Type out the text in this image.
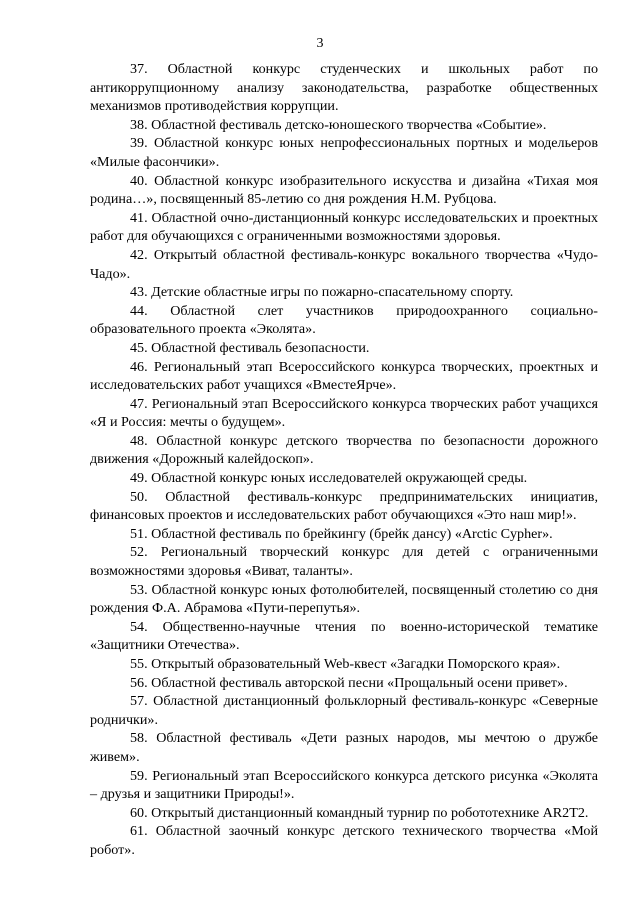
3

37. Областной конкурс студенческих и школьных работ по антикоррупционному анализу законодательства, разработке общественных механизмов противодействия коррупции.

38. Областной фестиваль детско-юношеского творчества «Событие».

39. Областной конкурс юных непрофессиональных портных и модельеров «Милые фасончики».

40. Областной конкурс изобразительного искусства и дизайна «Тихая моя родина…», посвященный 85-летию со дня рождения Н.М. Рубцова.

41. Областной очно-дистанционный конкурс исследовательских и проектных работ для обучающихся с ограниченными возможностями здоровья.

42. Открытый областной фестиваль-конкурс вокального творчества «Чудо-Чадо».

43. Детские областные игры по пожарно-спасательному спорту.

44. Областной слет участников природоохранного социально-образовательного проекта «Эколята».

45. Областной фестиваль безопасности.

46. Региональный этап Всероссийского конкурса творческих, проектных и исследовательских работ учащихся «ВместеЯрче».

47. Региональный этап Всероссийского конкурса творческих работ учащихся «Я и Россия: мечты о будущем».

48. Областной конкурс детского творчества по безопасности дорожного движения «Дорожный калейдоскоп».

49. Областной конкурс юных исследователей окружающей среды.

50. Областной фестиваль-конкурс предпринимательских инициатив, финансовых проектов и исследовательских работ обучающихся «Это наш мир!».

51. Областной фестиваль по брейкингу (брейк дансу) «Arctic Cypher».

52. Региональный творческий конкурс для детей с ограниченными возможностями здоровья «Виват, таланты».

53. Областной конкурс юных фотолюбителей, посвященный столетию со дня рождения Ф.А. Абрамова «Пути-перепутья».

54. Общественно-научные чтения по военно-исторической тематике «Защитники Отечества».

55. Открытый образовательный Web-квест «Загадки Поморского края».

56. Областной фестиваль авторской песни «Прощальный осени привет».

57. Областной дистанционный фольклорный фестиваль-конкурс «Северные роднички».

58. Областной фестиваль «Дети разных народов, мы мечтою о дружбе живем».

59. Региональный этап Всероссийского конкурса детского рисунка «Эколята – друзья и защитники Природы!».

60. Открытый дистанционный командный турнир по робототехнике AR2T2.

61. Областной заочный конкурс детского технического творчества «Мой робот».
